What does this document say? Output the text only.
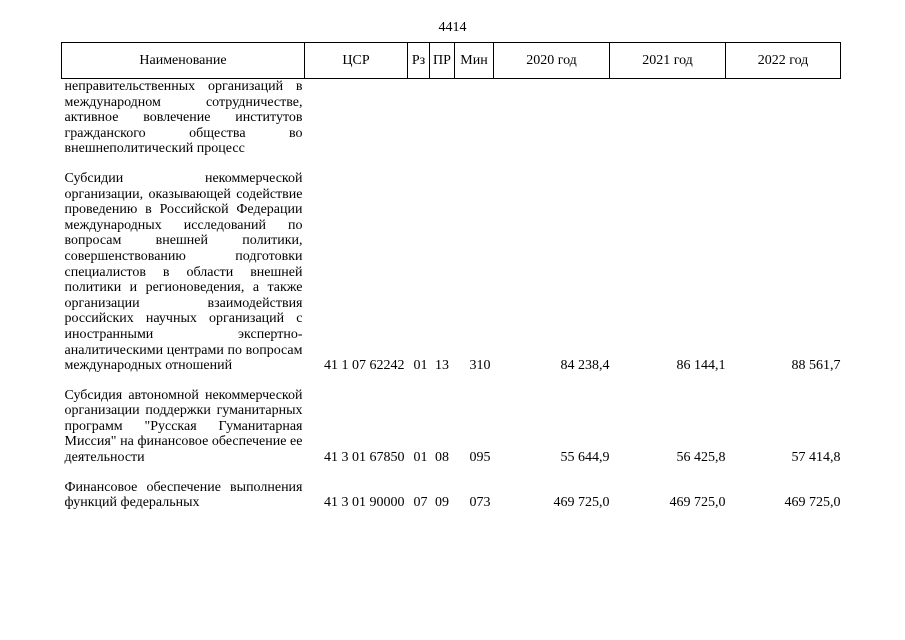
4414
Наименование	ЦСР	Рз	ПР	Мин	2020 год	2021 год	2022 год

неправительственных организаций в международном сотрудничестве, активное вовлечение институтов гражданского общества во внешнеполитический процесс							

Субсидии некоммерческой организации, оказывающей содействие проведению в Российской Федерации международных исследований по вопросам внешней политики, совершенствованию подготовки специалистов в области внешней политики и регионоведения, а также организации взаимодействия российских научных организаций с иностранными экспертно-аналитическими центрами по вопросам международных отношений	41 1 07 62242	01	13	310	84 238,4	86 144,1	88 561,7

Субсидия автономной некоммерческой организации поддержки гуманитарных программ "Русская Гуманитарная Миссия" на финансовое обеспечение ее деятельности	41 3 01 67850	01	08	095	55 644,9	56 425,8	57 414,8

Финансовое обеспечение выполнения функций федеральных	41 3 01 90000	07	09	073	469 725,0	469 725,0	469 725,0
